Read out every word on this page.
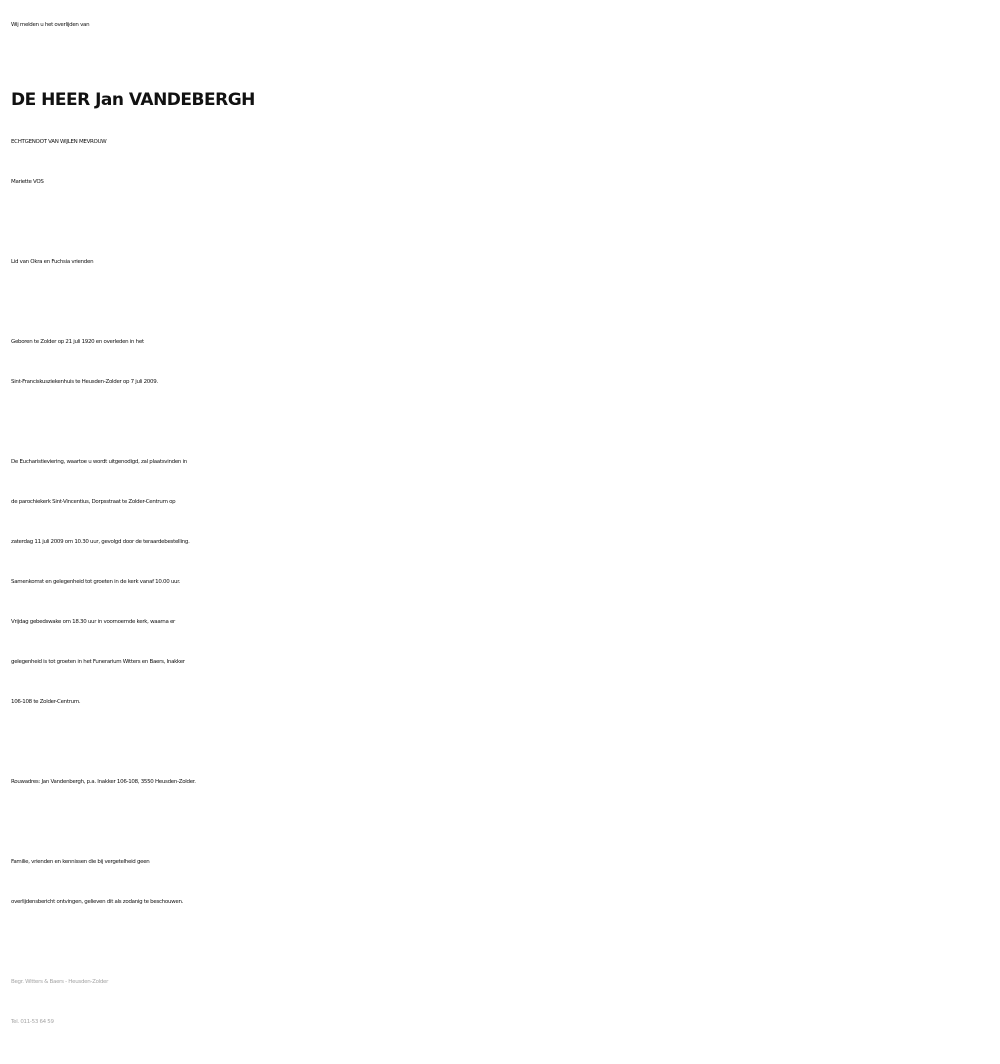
Wij melden u het overlijden van
DE HEER Jan VANDEBERGH
ECHTGENOOT VAN WIJLEN MEVROUW
Mariette VOS
Lid van Okra en Fuchsia vrienden
Geboren te Zolder op 21 juli 1920 en overleden in het
Sint-Franciskusziekenhuis te Heusden-Zolder op 7 juli 2009.
De Eucharistieviering, waartoe u wordt uitgenodigd, zal plaatsvinden in
de parochiekerk Sint-Vincentius, Dorpsstraat te Zolder-Centrum op
zaterdag 11 juli 2009 om 10.30 uur, gevolgd door de teraardebestelling.
Samenkomst en gelegenheid tot groeten in de kerk vanaf 10.00 uur.
Vrijdag gebedswake om 18.30 uur in voornoemde kerk, waarna er
gelegenheid is tot groeten in het Funerarium Witters en Baers, Inakker
106-108 te Zolder-Centrum.
Rouwadres: Jan Vandenbergh, p.a. Inakker 106-108, 3550 Heusden-Zolder.
Familie, vrienden en kennissen die bij vergetelheid geen
overlijdensbericht ontvingen, gelieven dit als zodanig te beschouwen.
Begr. Witters & Baers - Heusden-Zolder
Tel. 011-53 64 59
